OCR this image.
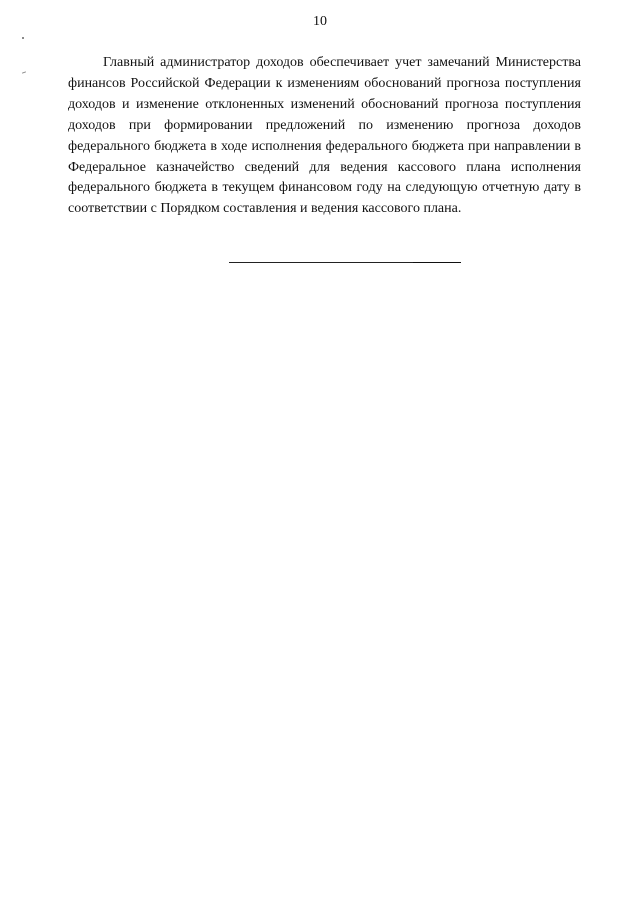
10

Главный администратор доходов обеспечивает учет замечаний Министерства финансов Российской Федерации к изменениям обоснований прогноза поступления доходов и изменение отклоненных изменений обоснований прогноза поступления доходов при формировании предложений по изменению прогноза доходов федерального бюджета в ходе исполнения федерального бюджета при направлении в Федеральное казначейство сведений для ведения кассового плана исполнения федерального бюджета в текущем финансовом году на следующую отчетную дату в соответствии с Порядком составления и ведения кассового плана.
